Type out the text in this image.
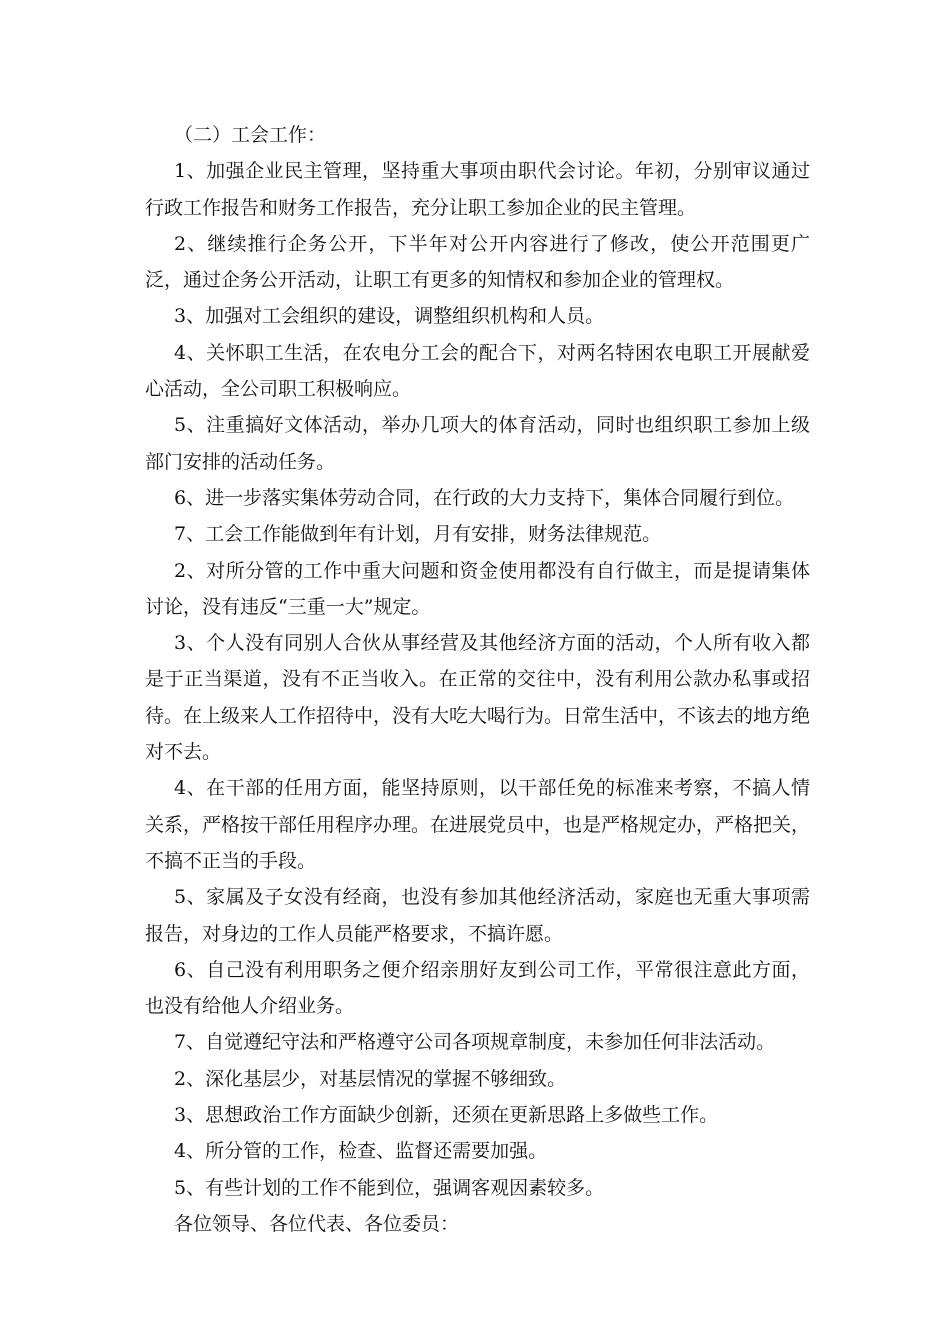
（二）工会工作：

1、加强企业民主管理，坚持重大事项由职代会讨论。年初，分别审议通过行政工作报告和财务工作报告，充分让职工参加企业的民主管理。

2、继续推行企务公开，下半年对公开内容进行了修改，使公开范围更广泛，通过企务公开活动，让职工有更多的知情权和参加企业的管理权。

3、加强对工会组织的建设，调整组织机构和人员。

4、关怀职工生活，在农电分工会的配合下，对两名特困农电职工开展献爱心活动，全公司职工积极响应。

5、注重搞好文体活动，举办几项大的体育活动，同时也组织职工参加上级部门安排的活动任务。

6、进一步落实集体劳动合同，在行政的大力支持下，集体合同履行到位。

7、工会工作能做到年有计划，月有安排，财务法律规范。

2、对所分管的工作中重大问题和资金使用都没有自行做主，而是提请集体讨论，没有违反“三重一大”规定。

3、个人没有同别人合伙从事经营及其他经济方面的活动，个人所有收入都是于正当渠道，没有不正当收入。在正常的交往中，没有利用公款办私事或招待。在上级来人工作招待中，没有大吃大喝行为。日常生活中，不该去的地方绝对不去。

4、在干部的任用方面，能坚持原则，以干部任免的标准来考察，不搞人情关系，严格按干部任用程序办理。在进展党员中，也是严格规定办，严格把关，不搞不正当的手段。

5、家属及子女没有经商，也没有参加其他经济活动，家庭也无重大事项需报告，对身边的工作人员能严格要求，不搞许愿。

6、自己没有利用职务之便介绍亲朋好友到公司工作，平常很注意此方面，也没有给他人介绍业务。

7、自觉遵纪守法和严格遵守公司各项规章制度，未参加任何非法活动。

2、深化基层少，对基层情况的掌握不够细致。

3、思想政治工作方面缺少创新，还须在更新思路上多做些工作。

4、所分管的工作，检查、监督还需要加强。

5、有些计划的工作不能到位，强调客观因素较多。

各位领导、各位代表、各位委员：
